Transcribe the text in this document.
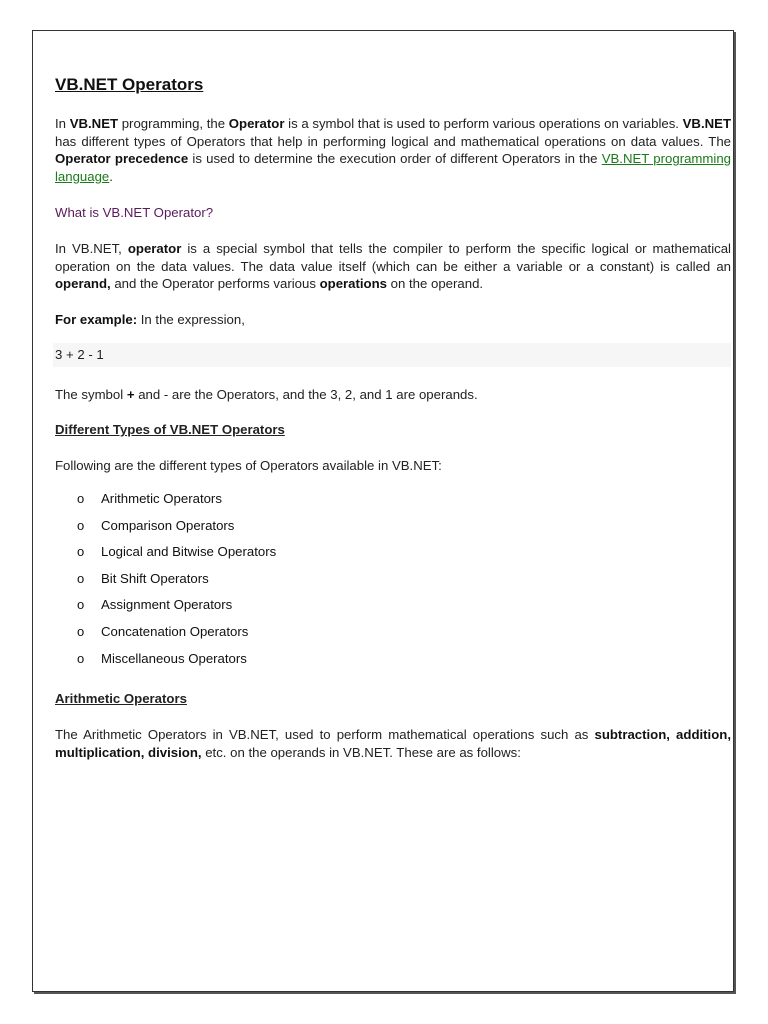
VB.NET Operators

In VB.NET programming, the Operator is a symbol that is used to perform various operations on variables. VB.NET has different types of Operators that help in performing logical and mathematical operations on data values. The Operator precedence is used to determine the execution order of different Operators in the VB.NET programming language.

What is VB.NET Operator?

In VB.NET, operator is a special symbol that tells the compiler to perform the specific logical or mathematical operation on the data values. The data value itself (which can be either a variable or a constant) is called an operand, and the Operator performs various operations on the operand.

For example: In the expression,

3 + 2 - 1

The symbol + and - are the Operators, and the 3, 2, and 1 are operands.

Different Types of VB.NET Operators

Following are the different types of Operators available in VB.NET:

o Arithmetic Operators
o Comparison Operators
o Logical and Bitwise Operators
o Bit Shift Operators
o Assignment Operators
o Concatenation Operators
o Miscellaneous Operators

Arithmetic Operators

The Arithmetic Operators in VB.NET, used to perform mathematical operations such as subtraction, addition, multiplication, division, etc. on the operands in VB.NET. These are as follows:
